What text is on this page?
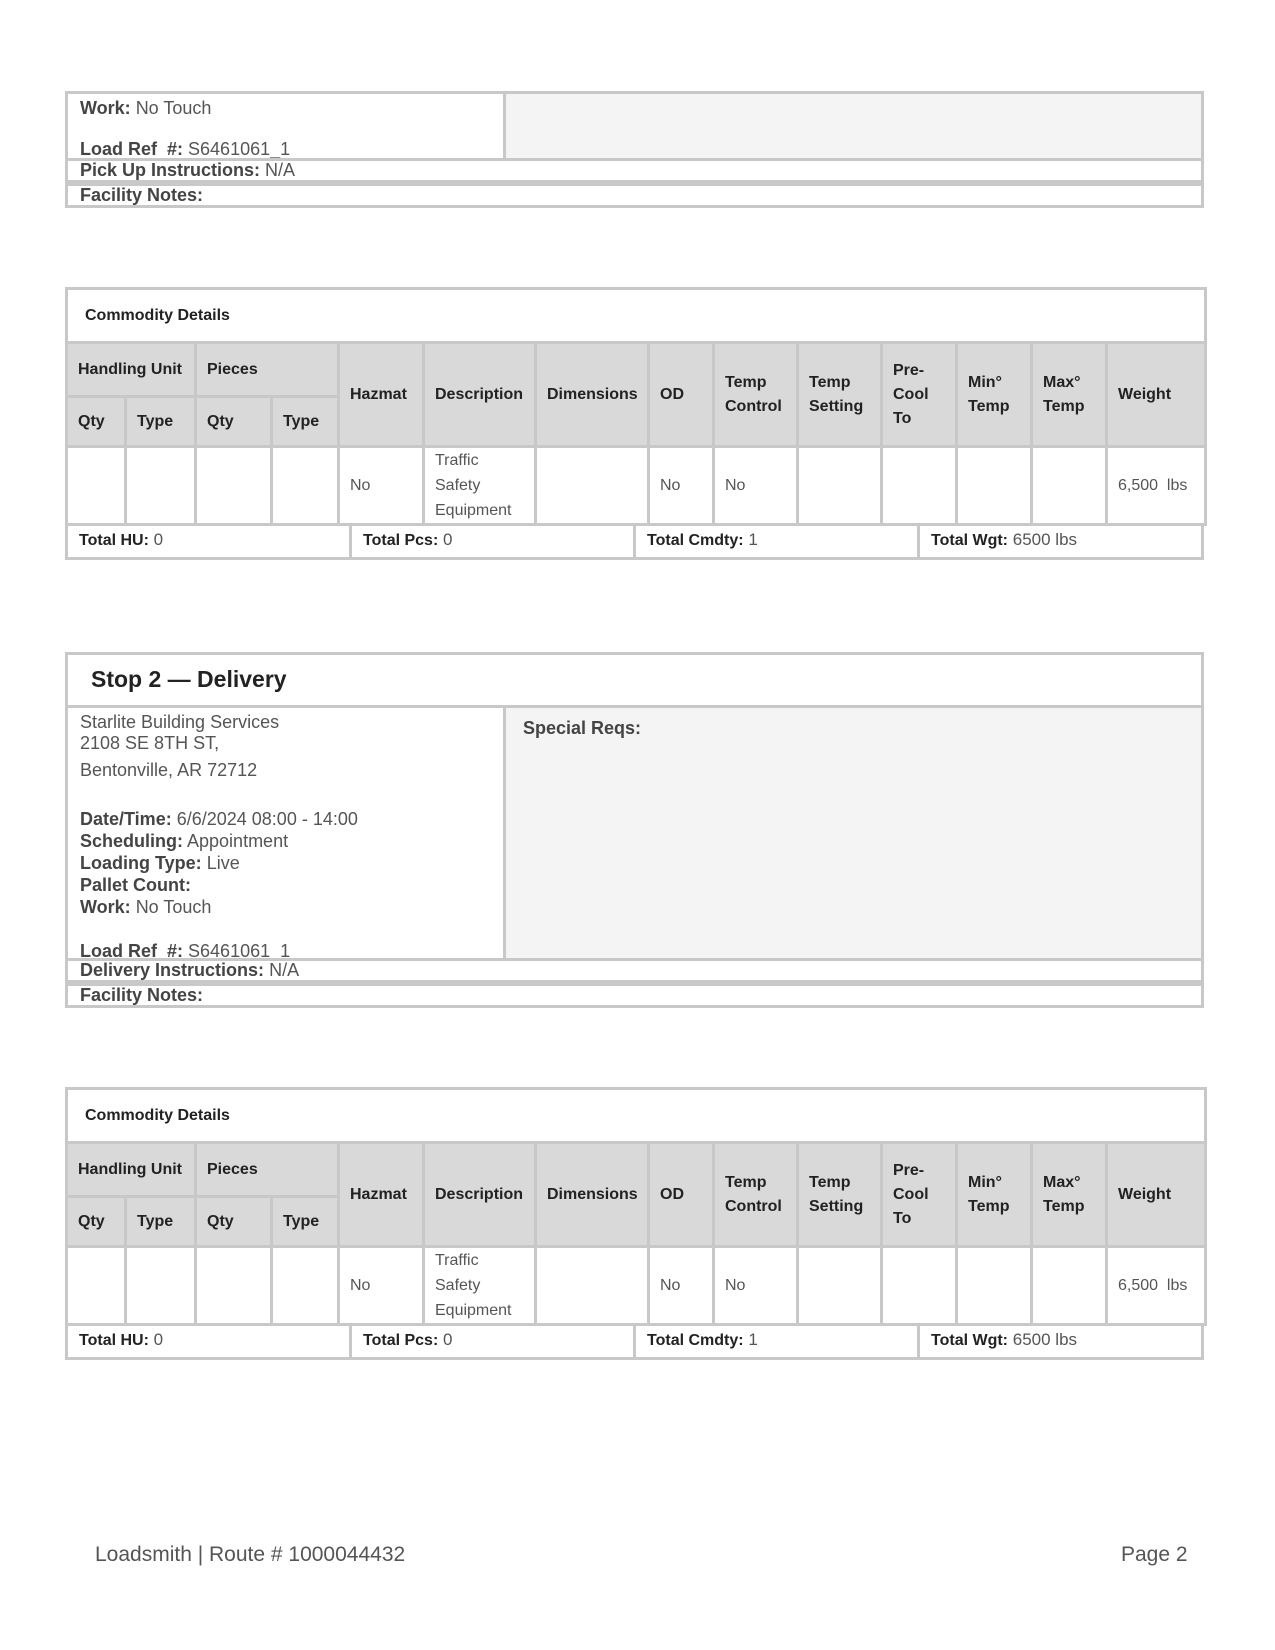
Work: No Touch
Load Ref  #: S6461061_1
Pick Up Instructions: N/A
Facility Notes:
Commodity Details													
Handling Unit		Pieces		Hazmat	Description	Dimensions	OD	Temp Control	Temp Setting	Pre-Cool To	Min° Temp	Max° Temp	Weight
Qty	Type	Qty	Type										
				No	Traffic Safety Equipment		No	No					6,500  lbs
Total HU: 0	Total Pcs: 0	Total Cmdty: 1	Total Wgt: 6500 lbs
Stop 2 — Delivery
Starlite Building Services
2108 SE 8TH ST,
Bentonville, AR 72712
Date/Time: 6/6/2024 08:00 - 14:00
Scheduling: Appointment
Loading Type: Live
Pallet Count:
Work: No Touch
Load Ref  #: S6461061_1
Special Reqs:
Delivery Instructions: N/A
Facility Notes:
Commodity Details													
Handling Unit		Pieces		Hazmat	Description	Dimensions	OD	Temp Control	Temp Setting	Pre-Cool To	Min° Temp	Max° Temp	Weight
Qty	Type	Qty	Type										
				No	Traffic Safety Equipment		No	No					6,500  lbs
Total HU: 0	Total Pcs: 0	Total Cmdty: 1	Total Wgt: 6500 lbs
Loadsmith | Route # 1000044432	Page 2
